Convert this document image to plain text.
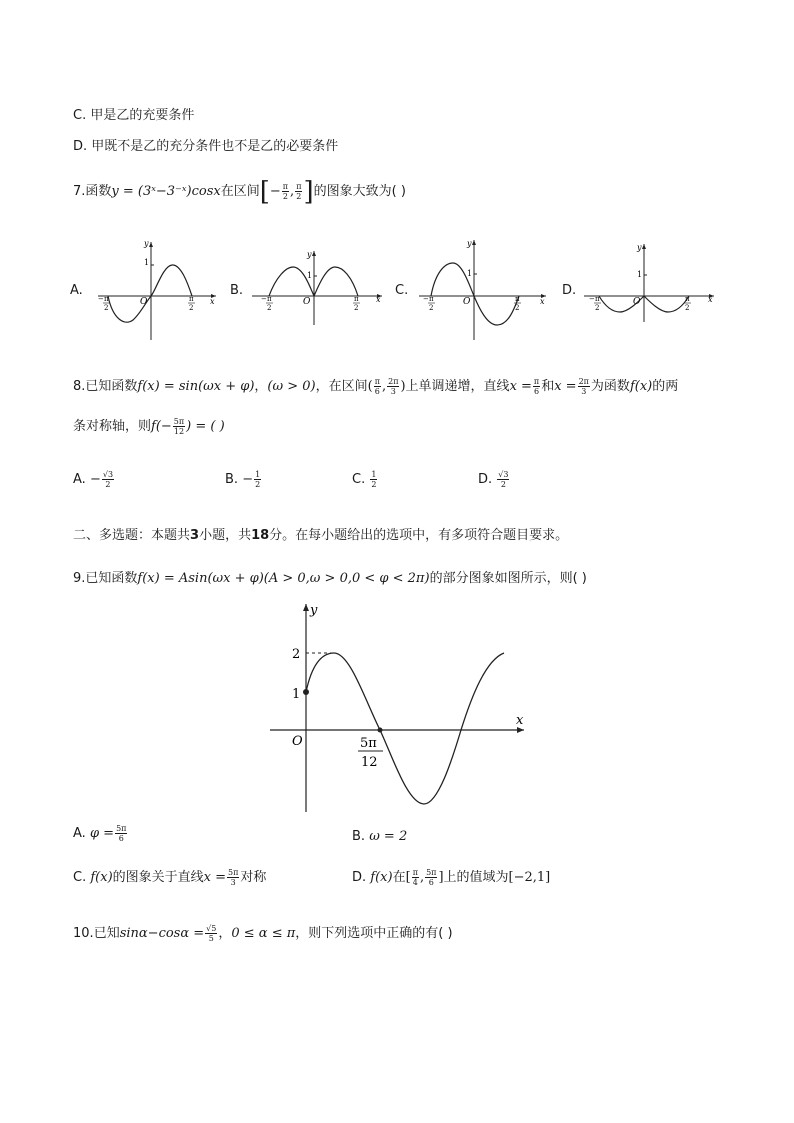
C. 甲是乙的充要条件
D. 甲既不是乙的充分条件也不是乙的必要条件
7.函数y = (3ˣ−3⁻ˣ)cosx在区间[− $\frac{\pi}{2}$ , $\frac{\pi}{2}$ ]的图象大致为( )
A.	B.	C.	D.
1
O	x
y
− π
2
π
2
1
O	x
y
− π
2
π
2
1
O	x
y
− π
2
π
2
1
O	x
y
− π
2
π
2
8.已知函数f(x) = sin(ωx + φ)，(ω > 0)，在区间( $\frac{\pi}{6}$ , $\frac{2\pi}{3}$ )上单调递增，直线$x = \frac{\pi}{6}$ 和$x = \frac{2\pi}{3}$ 为函数f(x)的两
条对称轴，则$f(- \frac{5\pi}{12}$ ) = ( )
A. − $\frac{√3}{2}$	B. − $\frac{1}{2}$	C. $\frac{1}{2}$	D. $\frac{√3}{2}$
二、多选题：本题共3小题，共18分。在每小题给出的选项中，有多项符合题目要求。
9.已知函数f(x) = Asin(ωx + φ)(A > 0,ω > 0,0 < φ < 2π)的部分图象如图所示，则( )
2
1
O
x
y
5π
12
A. $\varphi = \frac{5\pi}{6}$	B. ω = 2
C. f(x)的图象关于直线$x = \frac{5\pi}{3}$ 对称	D. f(x)在[ $\frac{\pi}{4}$ , $\frac{5\pi}{6}$ ]上的值域为[−2,1]
10.已知$\sin\alpha-\cos\alpha = \frac{√5}{5}$ ，0 ≤ α ≤ π，则下列选项中正确的有( )
